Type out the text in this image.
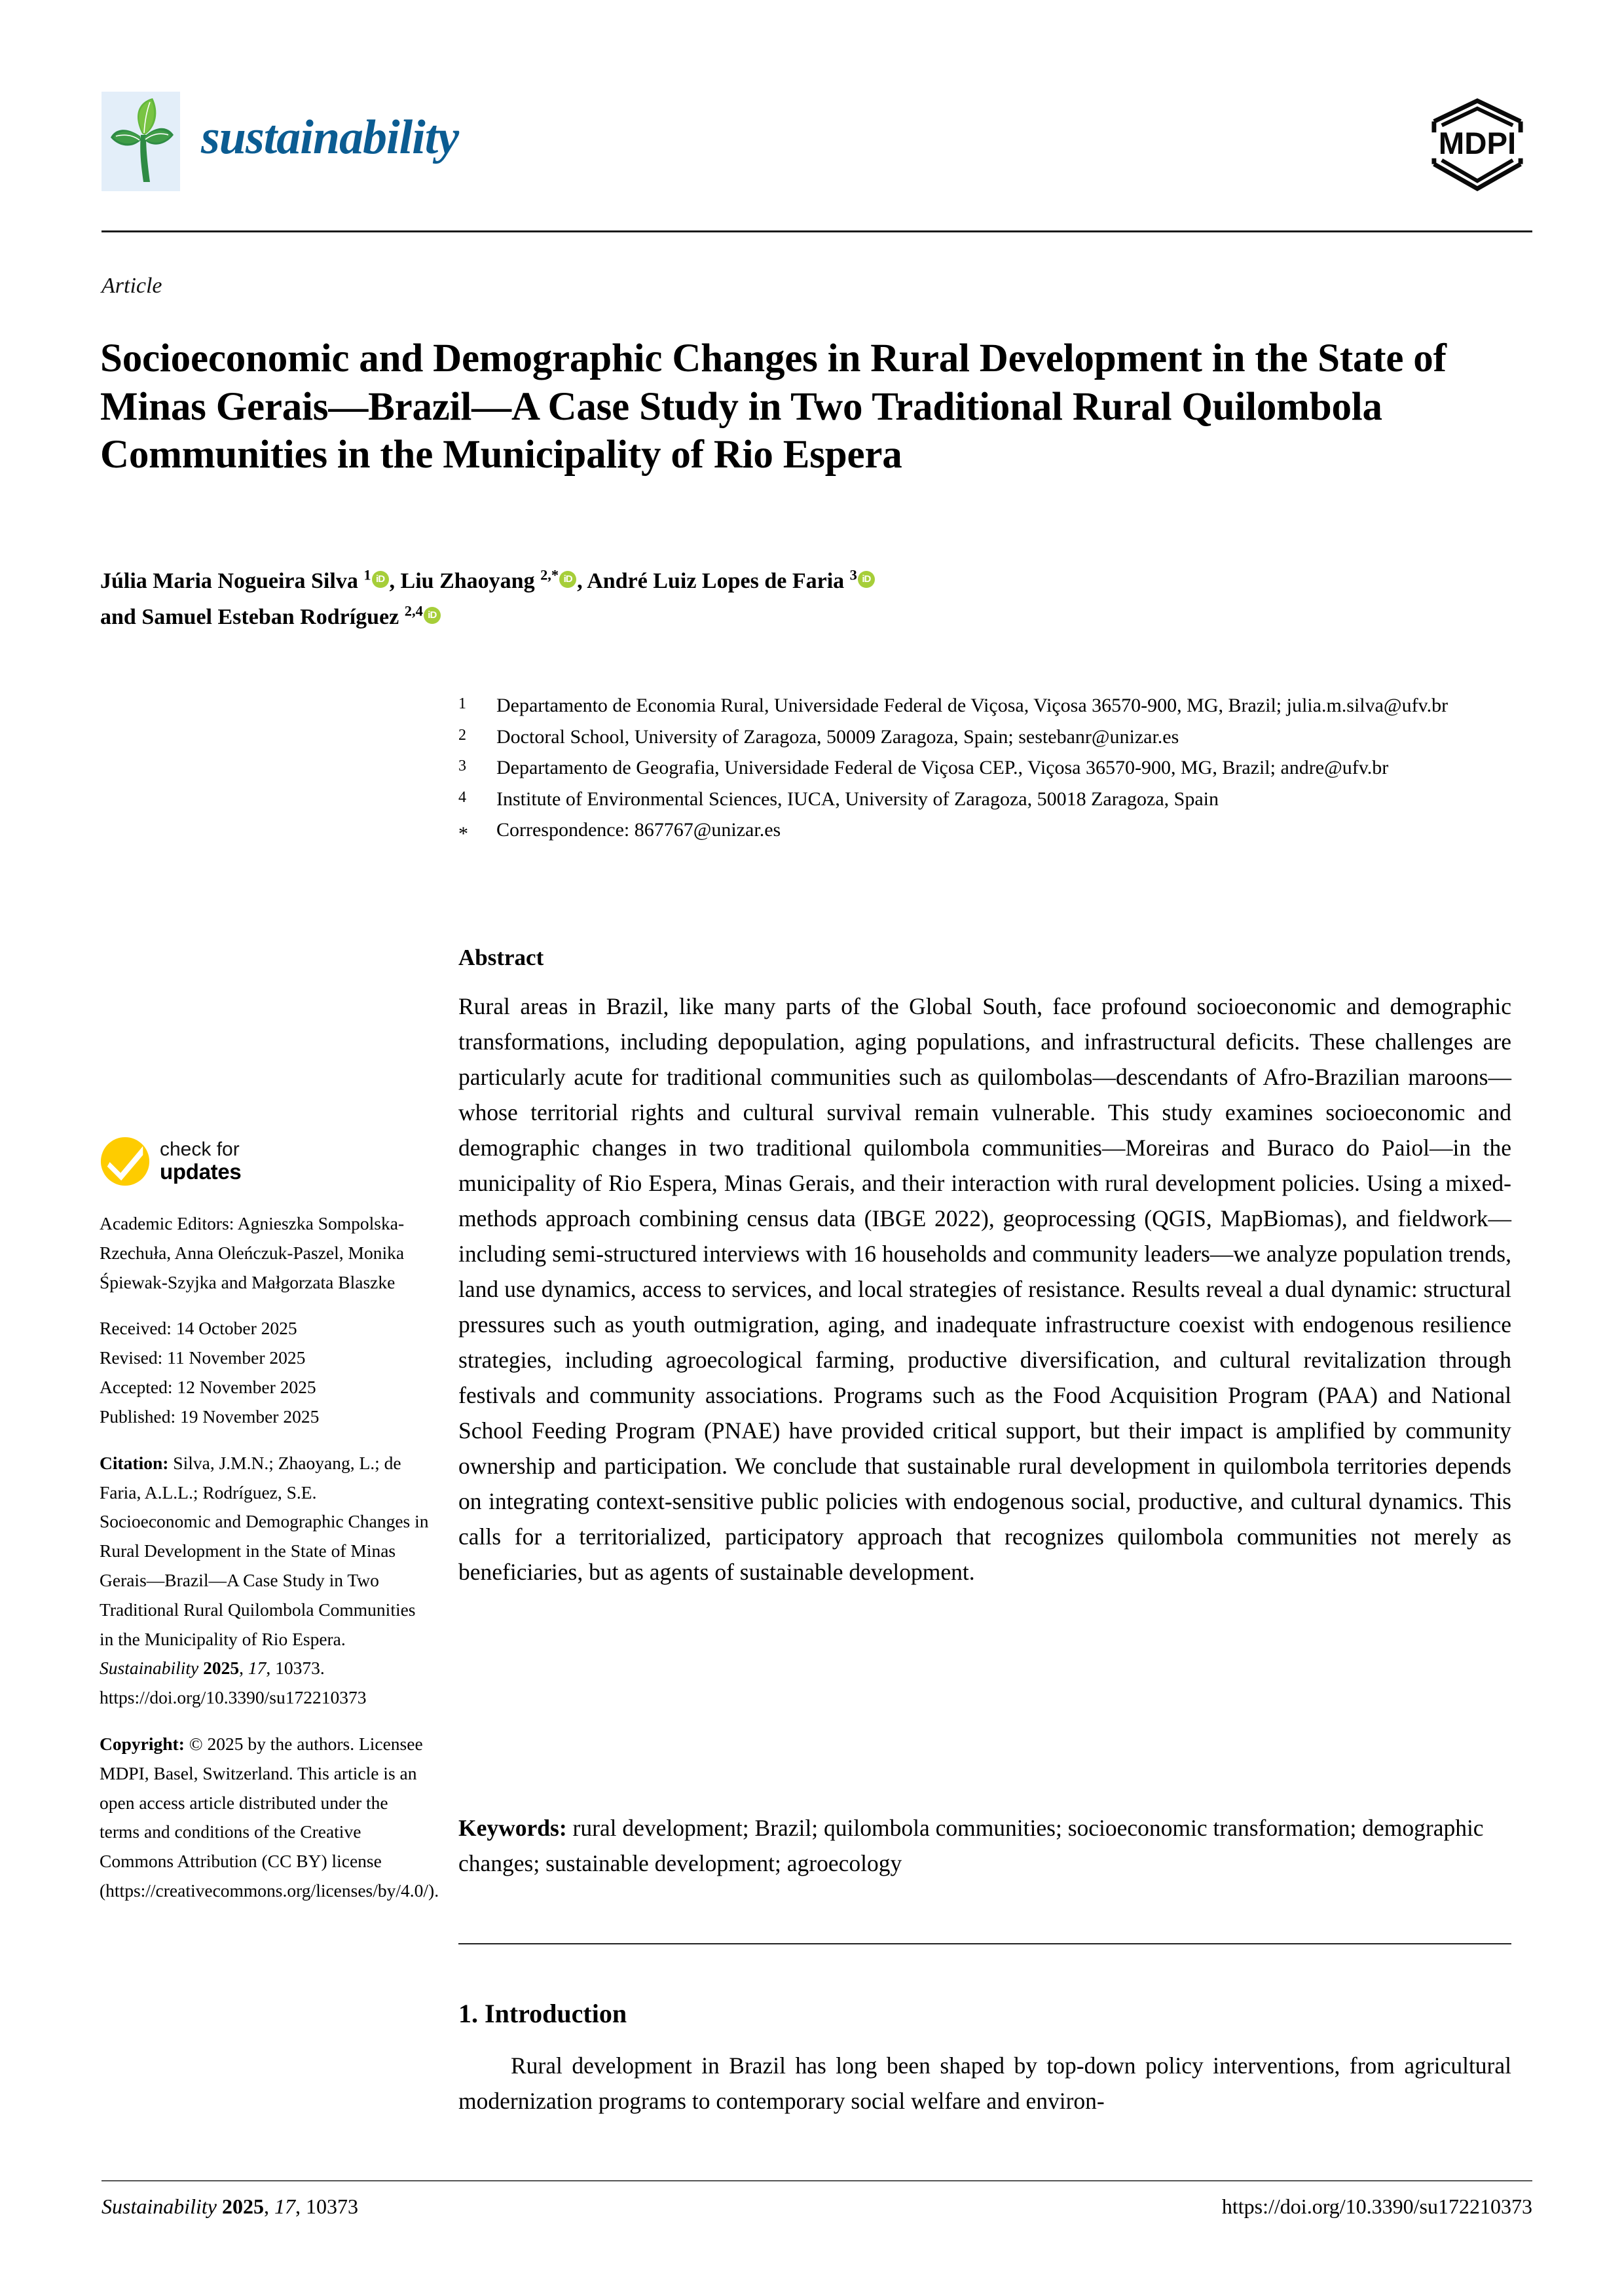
sustainability	MDPI
Article
Socioeconomic and Demographic Changes in Rural Development in the State of Minas Gerais—Brazil—A Case Study in Two Traditional Rural Quilombola Communities in the Municipality of Rio Espera
Júlia Maria Nogueira Silva $^1$ iD , Liu Zhaoyang $^{2,*}$ iD , André Luiz Lopes de Faria $^3$ iD
and Samuel Esteban Rodríguez $^{2,4}$ iD
1	Departamento de Economia Rural, Universidade Federal de Viçosa, Viçosa 36570-900, MG, Brazil; julia.m.silva@ufv.br
2	Doctoral School, University of Zaragoza, 50009 Zaragoza, Spain; sestebanr@unizar.es
3	Departamento de Geografia, Universidade Federal de Viçosa CEP., Viçosa 36570-900, MG, Brazil; andre@ufv.br
4	Institute of Environmental Sciences, IUCA, University of Zaragoza, 50018 Zaragoza, Spain
*	Correspondence: 867767@unizar.es
Abstract
Rural areas in Brazil, like many parts of the Global South, face profound socioeconomic and demographic transformations, including depopulation, aging populations, and infrastructural deficits. These challenges are particularly acute for traditional communities such as quilombolas—descendants of Afro-Brazilian maroons—whose territorial rights and cultural survival remain vulnerable. This study examines socioeconomic and demographic changes in two traditional quilombola communities—Moreiras and Buraco do Paiol—in the municipality of Rio Espera, Minas Gerais, and their interaction with rural development policies. Using a mixed-methods approach combining census data (IBGE 2022), geoprocessing (QGIS, MapBiomas), and fieldwork—including semi-structured interviews with 16 households and community leaders—we analyze population trends, land use dynamics, access to services, and local strategies of resistance. Results reveal a dual dynamic: structural pressures such as youth outmigration, aging, and inadequate infrastructure coexist with endogenous resilience strategies, including agroecological farming, productive diversification, and cultural revitalization through festivals and community associations. Programs such as the Food Acquisition Program (PAA) and National School Feeding Program (PNAE) have provided critical support, but their impact is amplified by community ownership and participation. We conclude that sustainable rural development in quilombola territories depends on integrating context-sensitive public policies with endogenous social, productive, and cultural dynamics. This calls for a territorialized, participatory approach that recognizes quilombola communities not merely as beneficiaries, but as agents of sustainable development.
Keywords: rural development; Brazil; quilombola communities; socioeconomic transformation; demographic changes; sustainable development; agroecology
1. Introduction
Rural development in Brazil has long been shaped by top-down policy interventions, from agricultural modernization programs to contemporary social welfare and environ-
check for
updates
Academic Editors: Agnieszka Sompolska-Rzechuła, Anna Oleńczuk-Paszel, Monika Śpiewak-Szyjka and Małgorzata Blaszke
Received: 14 October 2025
Revised: 11 November 2025
Accepted: 12 November 2025
Published: 19 November 2025
Citation: Silva, J.M.N.; Zhaoyang, L.; de Faria, A.L.L.; Rodríguez, S.E. Socioeconomic and Demographic Changes in Rural Development in the State of Minas Gerais—Brazil—A Case Study in Two Traditional Rural Quilombola Communities in the Municipality of Rio Espera. Sustainability 2025, 17, 10373. https://doi.org/10.3390/su172210373
Copyright: © 2025 by the authors. Licensee MDPI, Basel, Switzerland. This article is an open access article distributed under the terms and conditions of the Creative Commons Attribution (CC BY) license (https://creativecommons.org/licenses/by/4.0/).
Sustainability 2025, 17, 10373	https://doi.org/10.3390/su172210373
